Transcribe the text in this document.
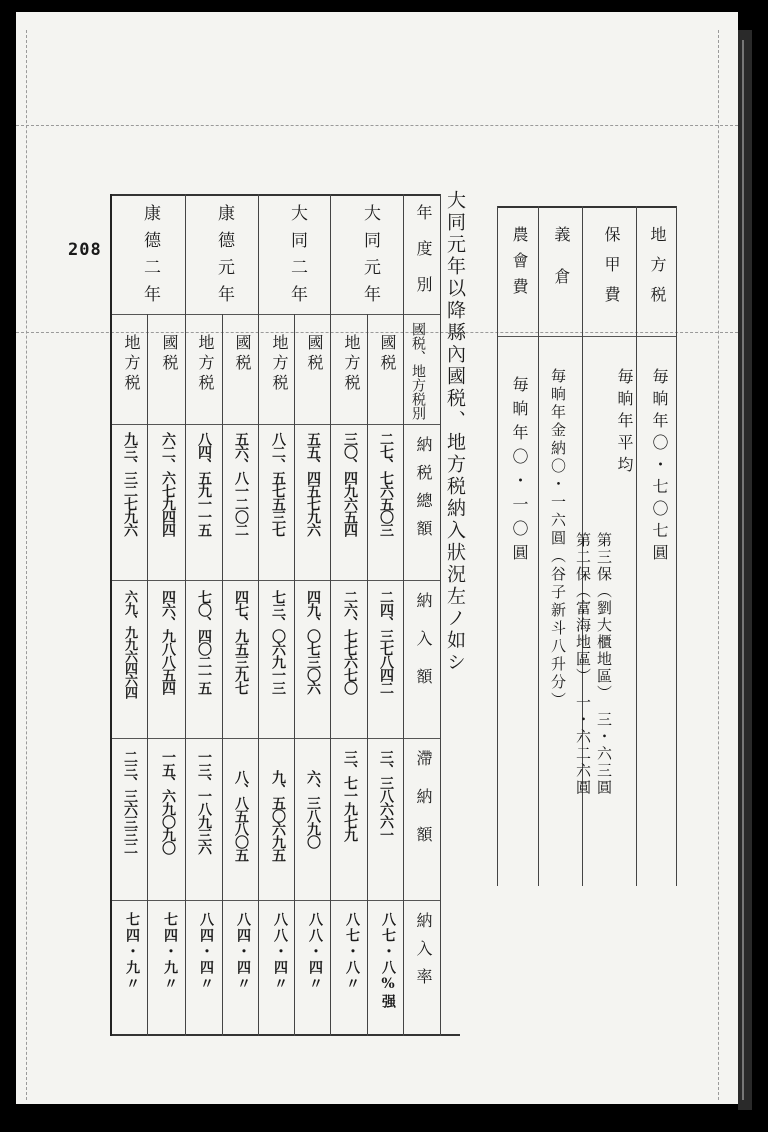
208	地方税
保甲費
義倉
農會費
毎晌年〇・七〇七圓
毎晌年平均
第三保（劉大櫃地區）　三・六三圓
毎晌年金納〇・一六圓（谷子新斗八升分）
毎晌年〇・一〇圓
第二保（富海地區）　一・六二六圓
大同元年以降縣內國税、地方税納入狀況左ノ如シ
年度別
國税、地方税別
納税總額
納入額
滯納額
納入率
大同元年
大同二年
康德元年
康德二年
國税
地方税
二七、七六五〇三
三〇、四九六五四
二四、三七八四二
二六、七七六七〇
三、三八六六一
三、七一九七九
八七・八%强
八七・八〃
國税
地方税
五五、四五七九六
八二、五七五三七
四九、〇七三〇六
七三、〇六九一三
六、三八九〇
九、五〇六九五
八八・四〃
八八・四〃
國税
地方税
五六、八一二〇二
八四、五九一一五
四七、九五三九七
七〇、四〇二一五
八、八五八〇五
一三、一八九三六
八四・四〃
八四・四〃
國税
地方税
六二、六七九四四
九三、三二七九六
四六、九八八五四
六九、九九六四六四
一五、六九〇九〇
二三、三六三三二
七四・九〃
七四・九〃
